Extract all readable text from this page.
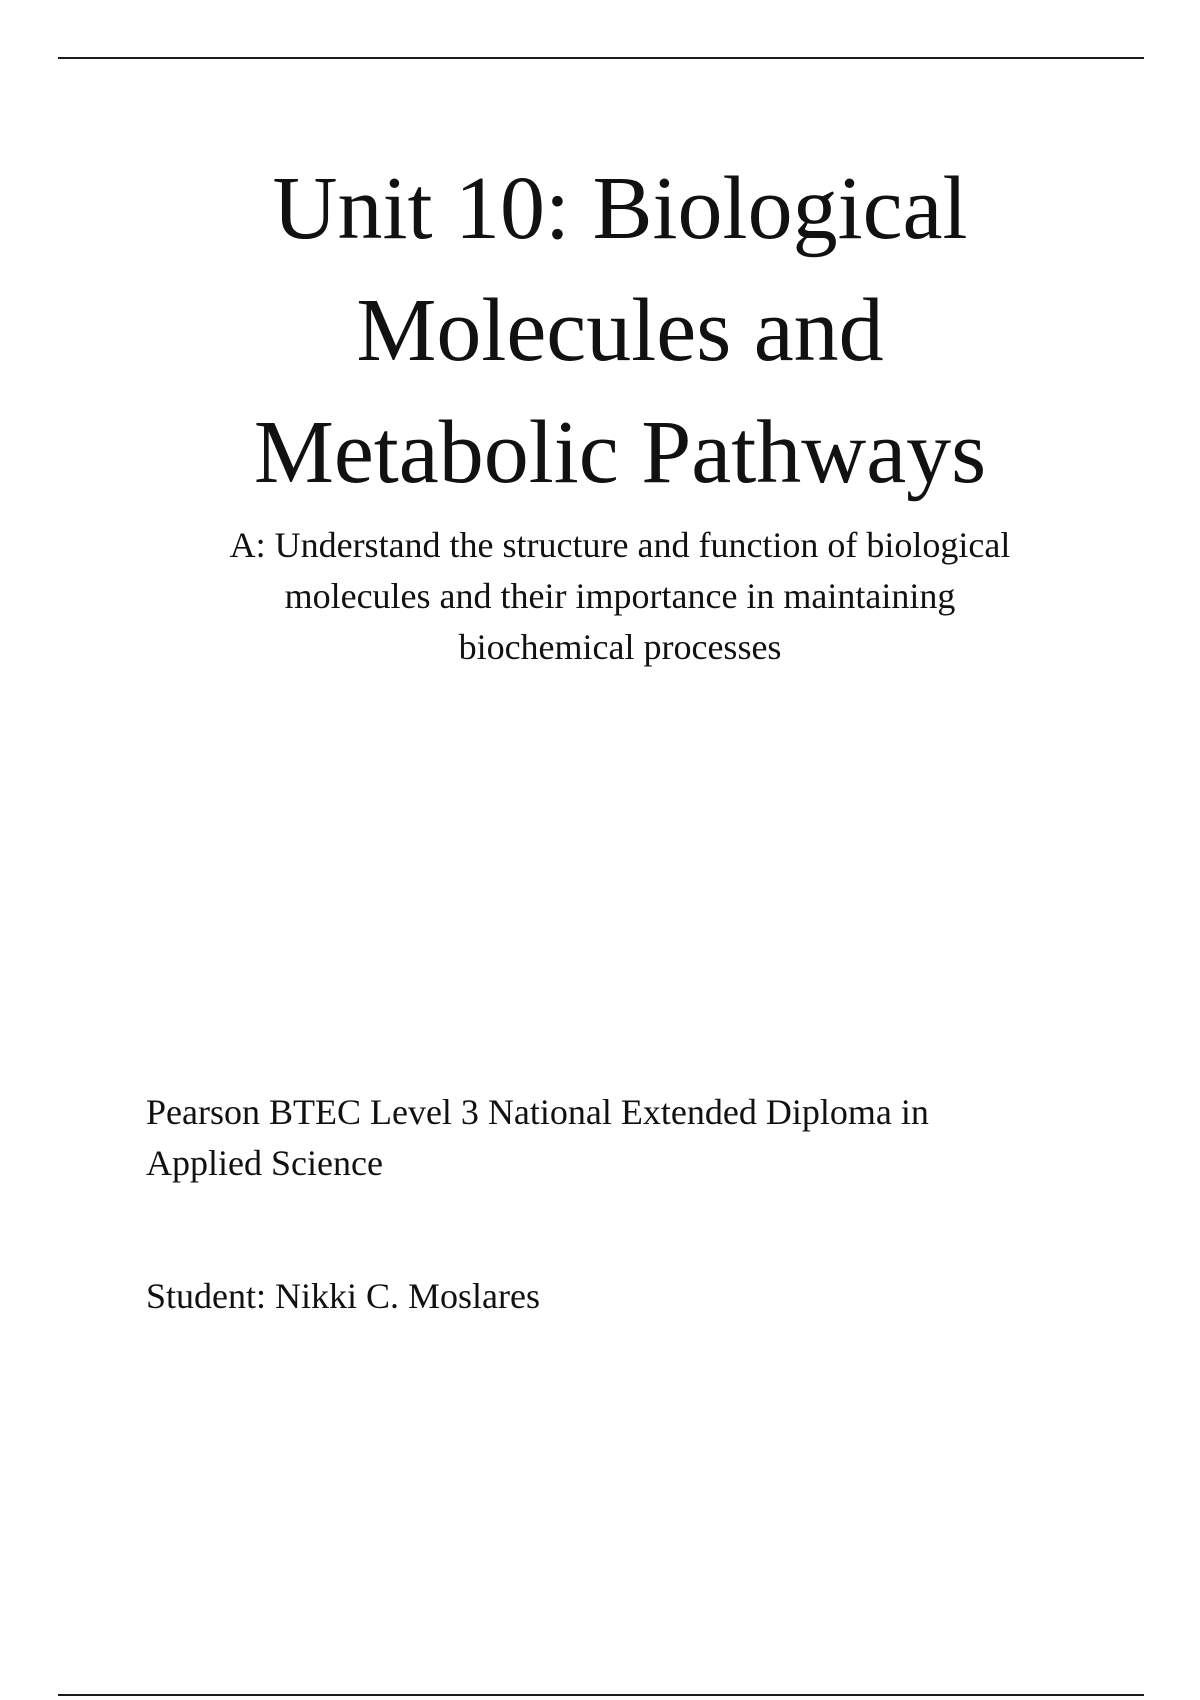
Unit 10: Biological
Molecules and
Metabolic Pathways

A: Understand the structure and function of biological
molecules and their importance in maintaining
biochemical processes

Pearson BTEC Level 3 National Extended Diploma in
Applied Science

Student: Nikki C. Moslares
